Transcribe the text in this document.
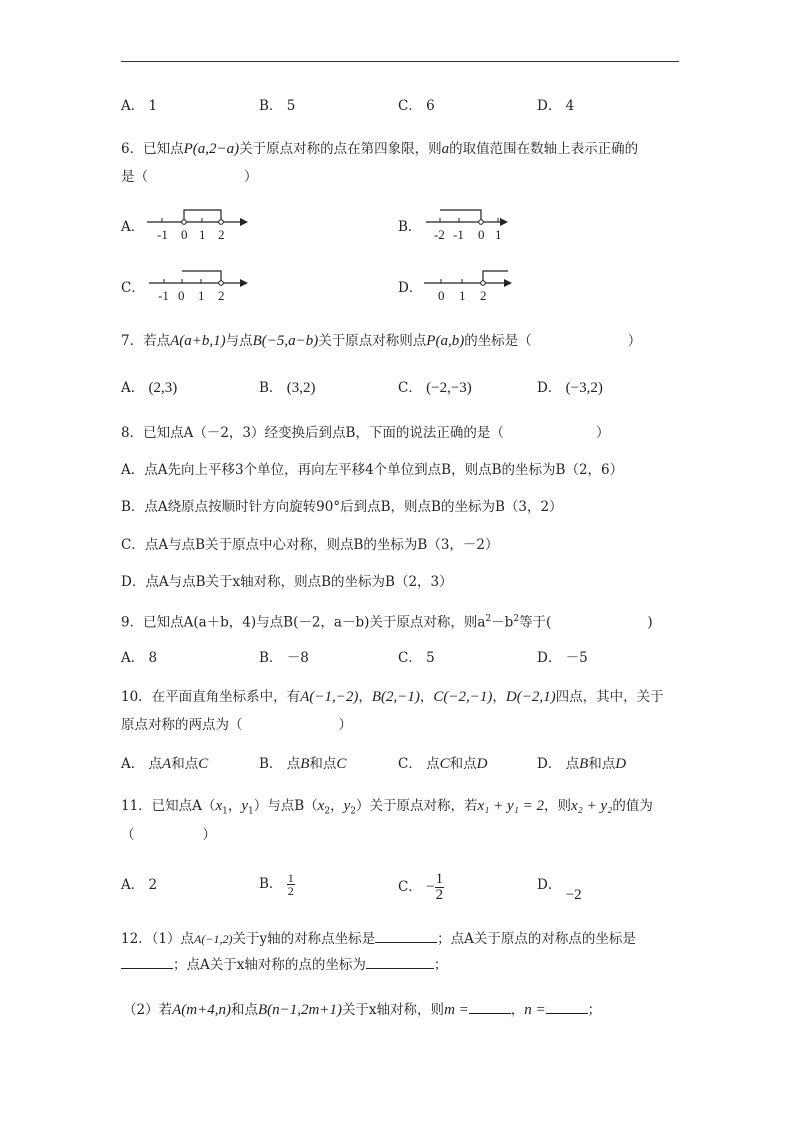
A． 1	B． 5	C． 6	D． 4
6．已知点P(a,2−a)关于原点对称的点在第四象限，则a的取值范围在数轴上表示正确的
是（	）
A． -1 0 1 2	B． -2 -1 0 1
C． -1 0 1 2	D． 0 1 2
7．若点A(a+b,1)与点B(−5,a−b)关于原点对称则点P(a,b)的坐标是（	）
A． (2,3)	B． (3,2)	C． (−2,−3)	D． (−3,2)
8．已知点A（－2，3）经变换后到点B，下面的说法正确的是（	）
A．点A先向上平移3个单位，再向左平移4个单位到点B，则点B的坐标为B（2，6）
B．点A绕原点按顺时针方向旋转90°后到点B，则点B的坐标为B（3，2）
C．点A与点B关于原点中心对称，则点B的坐标为B（3，－2）
D．点A与点B关于x轴对称，则点B的坐标为B（2，3）
9．已知点A(a＋b，4)与点B(－2，a－b)关于原点对称，则$a^2-b^2$等于(	)
A． 8	B． －8	C． 5	D． －5
10．在平面直角坐标系中，有A(−1,−2)，B(2,−1)，C(−2,−1)，D(−2,1)四点，其中，关于
原点对称的两点为（	）
A． 点A和点C	B． 点B和点C	C． 点C和点D	D． 点B和点D
11．已知点$A(x_1$，$y_1$）与点$B(x_2$，$y_2$）关于原点对称，若x₁ + y₁ = 2，则x₂ + y₂的值为
（	）
A． 2	B． $\frac{1}{2}$	C． − $\frac{1}{2}$	D． −2
12．（1）点A(−1,2)关于y轴的对称点坐标是	；点A关于原点的对称点的坐标是
；点A关于x轴对称的点的坐标为	；
（2）若A(m+4,n)和点B(n−1,2m+1)关于x轴对称，则m =	，n =	；
